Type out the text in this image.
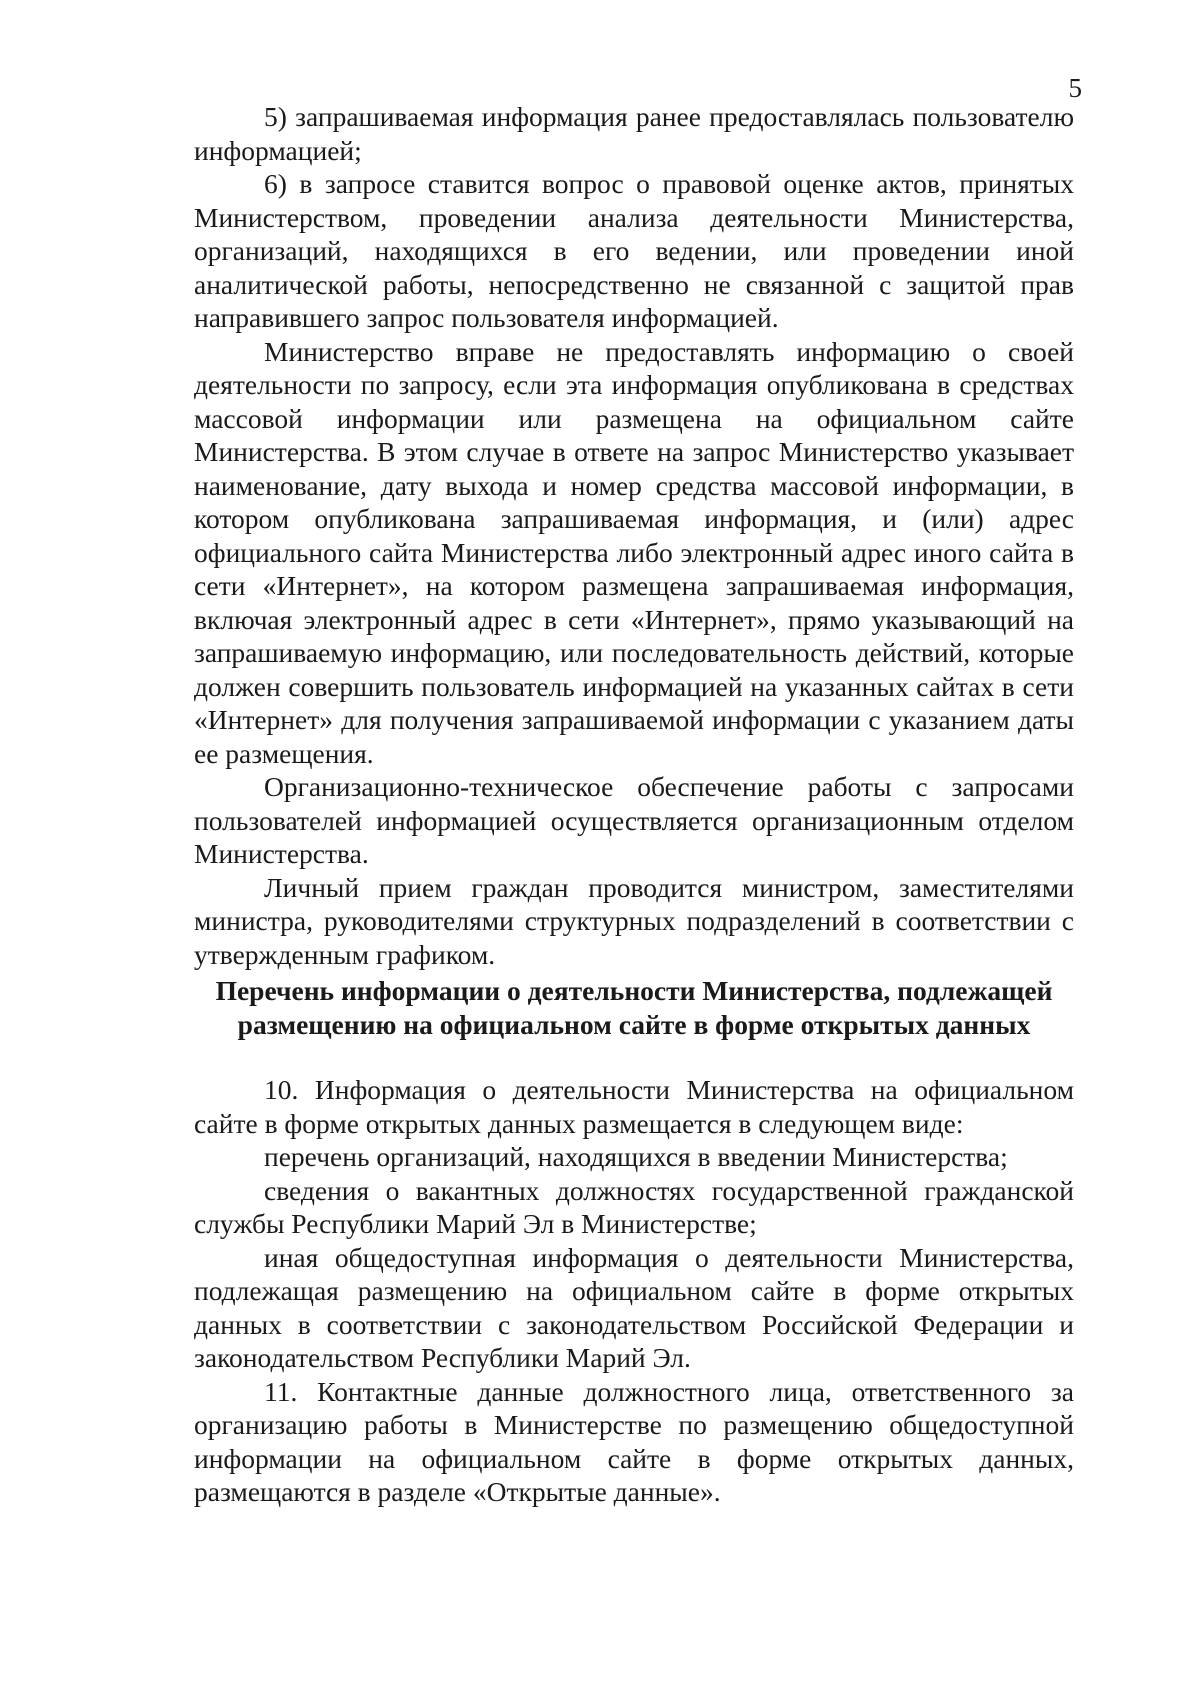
5

5) запрашиваемая информация ранее предоставлялась пользователю информацией;

6) в запросе ставится вопрос о правовой оценке актов, принятых Министерством, проведении анализа деятельности Министерства, организаций, находящихся в его ведении, или проведении иной аналитической работы, непосредственно не связанной с защитой прав направившего запрос пользователя информацией.

Министерство вправе не предоставлять информацию о своей деятельности по запросу, если эта информация опубликована в средствах массовой информации или размещена на официальном сайте Министерства. В этом случае в ответе на запрос Министерство указывает наименование, дату выхода и номер средства массовой информации, в котором опубликована запрашиваемая информация, и (или) адрес официального сайта Министерства либо электронный адрес иного сайта в сети «Интернет», на котором размещена запрашиваемая информация, включая электронный адрес в сети «Интернет», прямо указывающий на запрашиваемую информацию, или последовательность действий, которые должен совершить пользователь информацией на указанных сайтах в сети «Интернет» для получения запрашиваемой информации с указанием даты ее размещения.

Организационно-техническое обеспечение работы с запросами пользователей информацией осуществляется организационным отделом Министерства.

Личный прием граждан проводится министром, заместителями министра, руководителями структурных подразделений в соответствии с утвержденным графиком.

Перечень информации о деятельности Министерства, подлежащей размещению на официальном сайте в форме открытых данных

10. Информация о деятельности Министерства на официальном сайте в форме открытых данных размещается в следующем виде:

перечень организаций, находящихся в введении Министерства;

сведения о вакантных должностях государственной гражданской службы Республики Марий Эл в Министерстве;

иная общедоступная информация о деятельности Министерства, подлежащая размещению на официальном сайте в форме открытых данных в соответствии с законодательством Российской Федерации и законодательством Республики Марий Эл.

11. Контактные данные должностного лица, ответственного за организацию работы в Министерстве по размещению общедоступной информации на официальном сайте в форме открытых данных, размещаются в разделе «Открытые данные».
